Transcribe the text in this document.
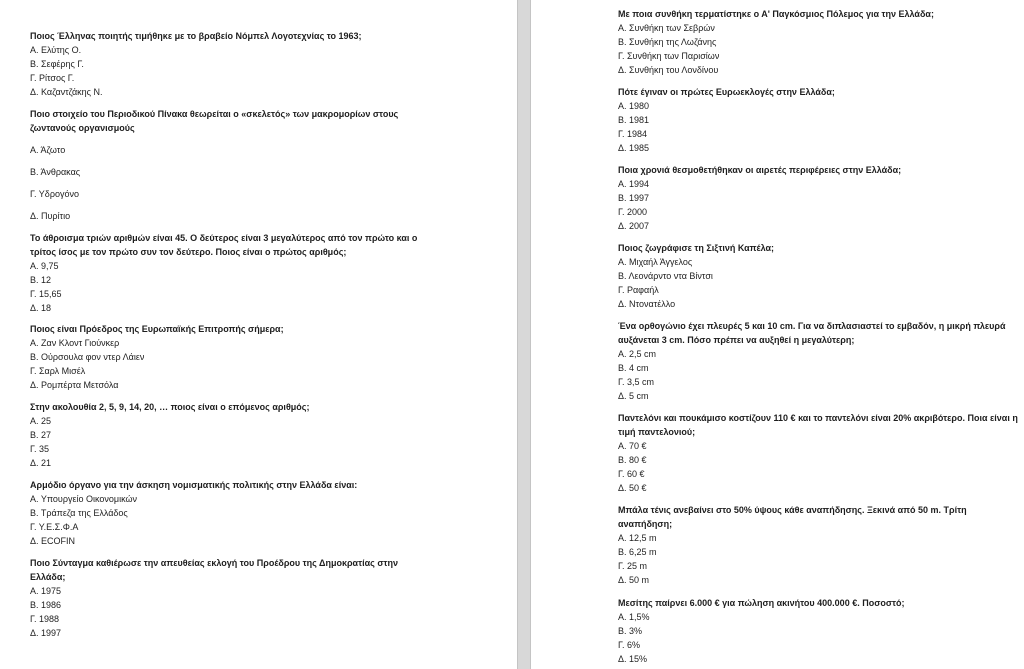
Ποιος Έλληνας ποιητής τιμήθηκε με το βραβείο Νόμπελ Λογοτεχνίας το 1963;
Α. Ελύτης Ο.
Β. Σεφέρης Γ.
Γ. Ρίτσος Γ.
Δ. Καζαντζάκης Ν.
Ποιο στοιχείο του Περιοδικού Πίνακα θεωρείται ο «σκελετός» των μακρομορίων στους ζωντανούς οργανισμούς
Α. Άζωτο
Β. Άνθρακας
Γ. Υδρογόνο
Δ. Πυρίτιο
Το άθροισμα τριών αριθμών είναι 45. Ο δεύτερος είναι 3 μεγαλύτερος από τον πρώτο και ο τρίτος ίσος με τον πρώτο συν τον δεύτερο. Ποιος είναι ο πρώτος αριθμός;
Α. 9,75
Β. 12
Γ. 15,65
Δ. 18
Ποιος είναι Πρόεδρος της Ευρωπαϊκής Επιτροπής σήμερα;
Α. Ζαν Κλοντ Γιούνκερ
Β. Ούρσουλα φον ντερ Λάιεν
Γ. Σαρλ Μισέλ
Δ. Ρομπέρτα Μετσόλα
Στην ακολουθία 2, 5, 9, 14, 20, … ποιος είναι ο επόμενος αριθμός;
Α. 25
Β. 27
Γ. 35
Δ. 21
Αρμόδιο όργανο για την άσκηση νομισματικής πολιτικής στην Ελλάδα είναι:
Α. Υπουργείο Οικονομικών
Β. Τράπεζα της Ελλάδος
Γ. Υ.Ε.Σ.Φ.Α
Δ. ECOFIN
Ποιο Σύνταγμα καθιέρωσε την απευθείας εκλογή του Προέδρου της Δημοκρατίας στην Ελλάδα;
Α. 1975
Β. 1986
Γ. 1988
Δ. 1997
Με ποια συνθήκη τερματίστηκε ο Α' Παγκόσμιος Πόλεμος για την Ελλάδα;
Α. Συνθήκη των Σεβρών
Β. Συνθήκη της Λωζάνης
Γ. Συνθήκη των Παρισίων
Δ. Συνθήκη του Λονδίνου
Πότε έγιναν οι πρώτες Ευρωεκλογές στην Ελλάδα;
Α. 1980
Β. 1981
Γ. 1984
Δ. 1985
Ποια χρονιά θεσμοθετήθηκαν οι αιρετές περιφέρειες στην Ελλάδα;
Α. 1994
Β. 1997
Γ. 2000
Δ. 2007
Ποιος ζωγράφισε τη Σιξτινή Καπέλα;
Α. Μιχαήλ Άγγελος
Β. Λεονάρντο ντα Βίντσι
Γ. Ραφαήλ
Δ. Ντονατέλλο
Ένα ορθογώνιο έχει πλευρές 5 και 10 cm. Για να διπλασιαστεί το εμβαδόν, η μικρή πλευρά αυξάνεται 3 cm. Πόσο πρέπει να αυξηθεί η μεγαλύτερη;
Α. 2,5 cm
Β. 4 cm
Γ. 3,5 cm
Δ. 5 cm
Παντελόνι και πουκάμισο κοστίζουν 110 € και το παντελόνι είναι 20% ακριβότερο. Ποια είναι η τιμή παντελονιού;
Α. 70 €
Β. 80 €
Γ. 60 €
Δ. 50 €
Μπάλα τένις ανεβαίνει στο 50% ύψους κάθε αναπήδησης. Ξεκινά από 50 m. Τρίτη αναπήδηση;
Α. 12,5 m
Β. 6,25 m
Γ. 25 m
Δ. 50 m
Μεσίτης παίρνει 6.000 € για πώληση ακινήτου 400.000 €. Ποσοστό;
Α. 1,5%
Β. 3%
Γ. 6%
Δ. 15%
